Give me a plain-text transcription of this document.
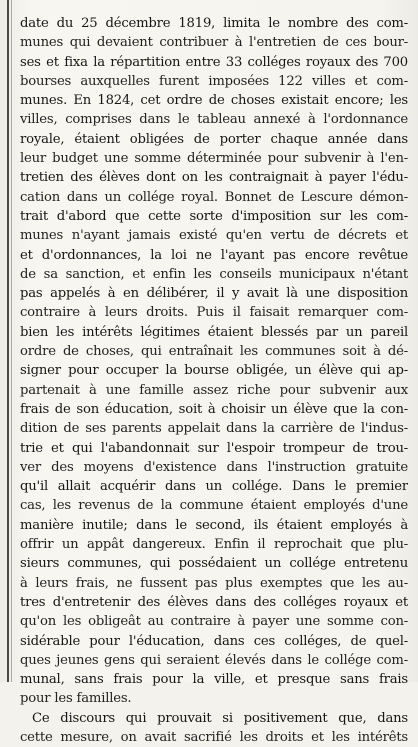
date du 25 décembre 1819, limita le nombre des com-
munes qui devaient contribuer à l'entretien de ces bour-
ses et fixa la répartition entre 33 colléges royaux des 700
bourses auxquelles furent imposées 122 villes et com-
munes. En 1824, cet ordre de choses existait encore; les
villes, comprises dans le tableau annexé à l'ordonnance
royale, étaient obligées de porter chaque année dans
leur budget une somme déterminée pour subvenir à l'en-
tretien des élèves dont on les contraignait à payer l'édu-
cation dans un collége royal. Bonnet de Lescure démon-
trait d'abord que cette sorte d'imposition sur les com-
munes n'ayant jamais existé qu'en vertu de décrets et
et d'ordonnances, la loi ne l'ayant pas encore revêtue
de sa sanction, et enfin les conseils municipaux n'étant
pas appelés à en délibérer, il y avait là une disposition
contraire à leurs droits. Puis il faisait remarquer com-
bien les intérêts légitimes étaient blessés par un pareil
ordre de choses, qui entraînait les communes soit à dé-
signer pour occuper la bourse obligée, un élève qui ap-
partenait à une famille assez riche pour subvenir aux
frais de son éducation, soit à choisir un élève que la con-
dition de ses parents appelait dans la carrière de l'indus-
trie et qui l'abandonnait sur l'espoir trompeur de trou-
ver des moyens d'existence dans l'instruction gratuite
qu'il allait acquérir dans un collége. Dans le premier
cas, les revenus de la commune étaient employés d'une
manière inutile; dans le second, ils étaient employés à
offrir un appât dangereux. Enfin il reprochait que plu-
sieurs communes, qui possédaient un collége entretenu
à leurs frais, ne fussent pas plus exemptes que les au-
tres d'entretenir des élèves dans des colléges royaux et
qu'on les obligeât au contraire à payer une somme con-
sidérable pour l'éducation, dans ces colléges, de quel-
ques jeunes gens qui seraient élevés dans le collége com-
munal, sans frais pour la ville, et presque sans frais
pour les familles.
Ce discours qui prouvait si positivement que, dans
cette mesure, on avait sacrifié les droits et les intérêts
